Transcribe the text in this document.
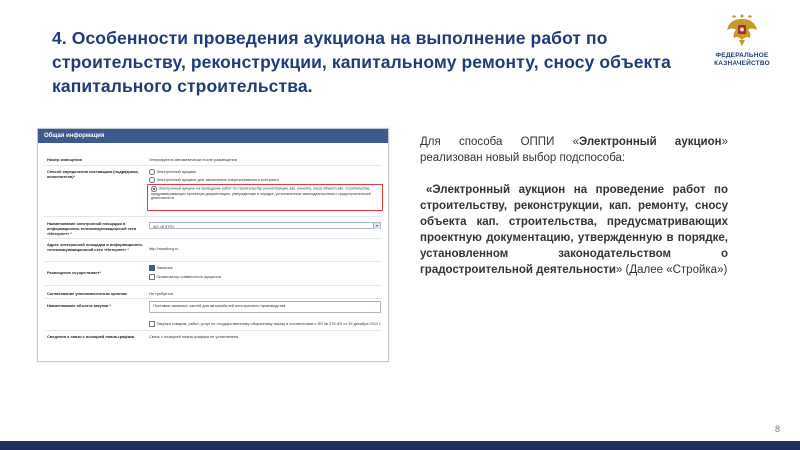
4. Особенности проведения аукциона на выполнение работ по строительству, реконструкции, капитальному ремонту, сносу объекта капитального строительства.
ФЕДЕРАЛЬНОЕ
КАЗНАЧЕЙСТВО
Общая информация
Номер извещения	Генерируется автоматически после размещения
Способ определения поставщика (подрядчика, исполнителя)*
Электронный аукцион
Электронный аукцион для заключения энергосервисного контракта
Электронный аукцион на проведение работ по строительству, реконструкции, кап. ремонту, сносу объекта кап. строительства, предусматривающих проектную документацию, утвержденную в порядке, установленном законодательством о градостроительной деятельности
Наименование электронной площадки в информационно-телекоммуникационной сети «Интернет» *
АО «ЕЭТП»
Адрес электронной площадки в информационно-телекоммуникационной сети «Интернет» *	http://roseltorg.ru
Размещение осуществляет*
Заказчик
Организатор совместного аукциона
Согласование уполномоченным органом	Не требуется
Наименование объекта закупки *	Поставка запасных частей для автомобилей иностранного производства
Закупка товаров, работ, услуг по государственному оборонному заказу в соответствии с ФЗ № 275-ФЗ от 29 декабря 2012 г.
Сведения о связи с позицией плана-графика	Связь с позицией плана-графика не установлена

Для способа ОППИ «Электронный аукцион» реализован новый выбор подспособа:

«Электронный аукцион на проведение работ по строительству, реконструкции, кап. ремонту, сносу объекта кап. строительства, предусматривающих проектную документацию, утвержденную в порядке, установленном законодательством о градостроительной деятельности» (Далее «Стройка»)

8
